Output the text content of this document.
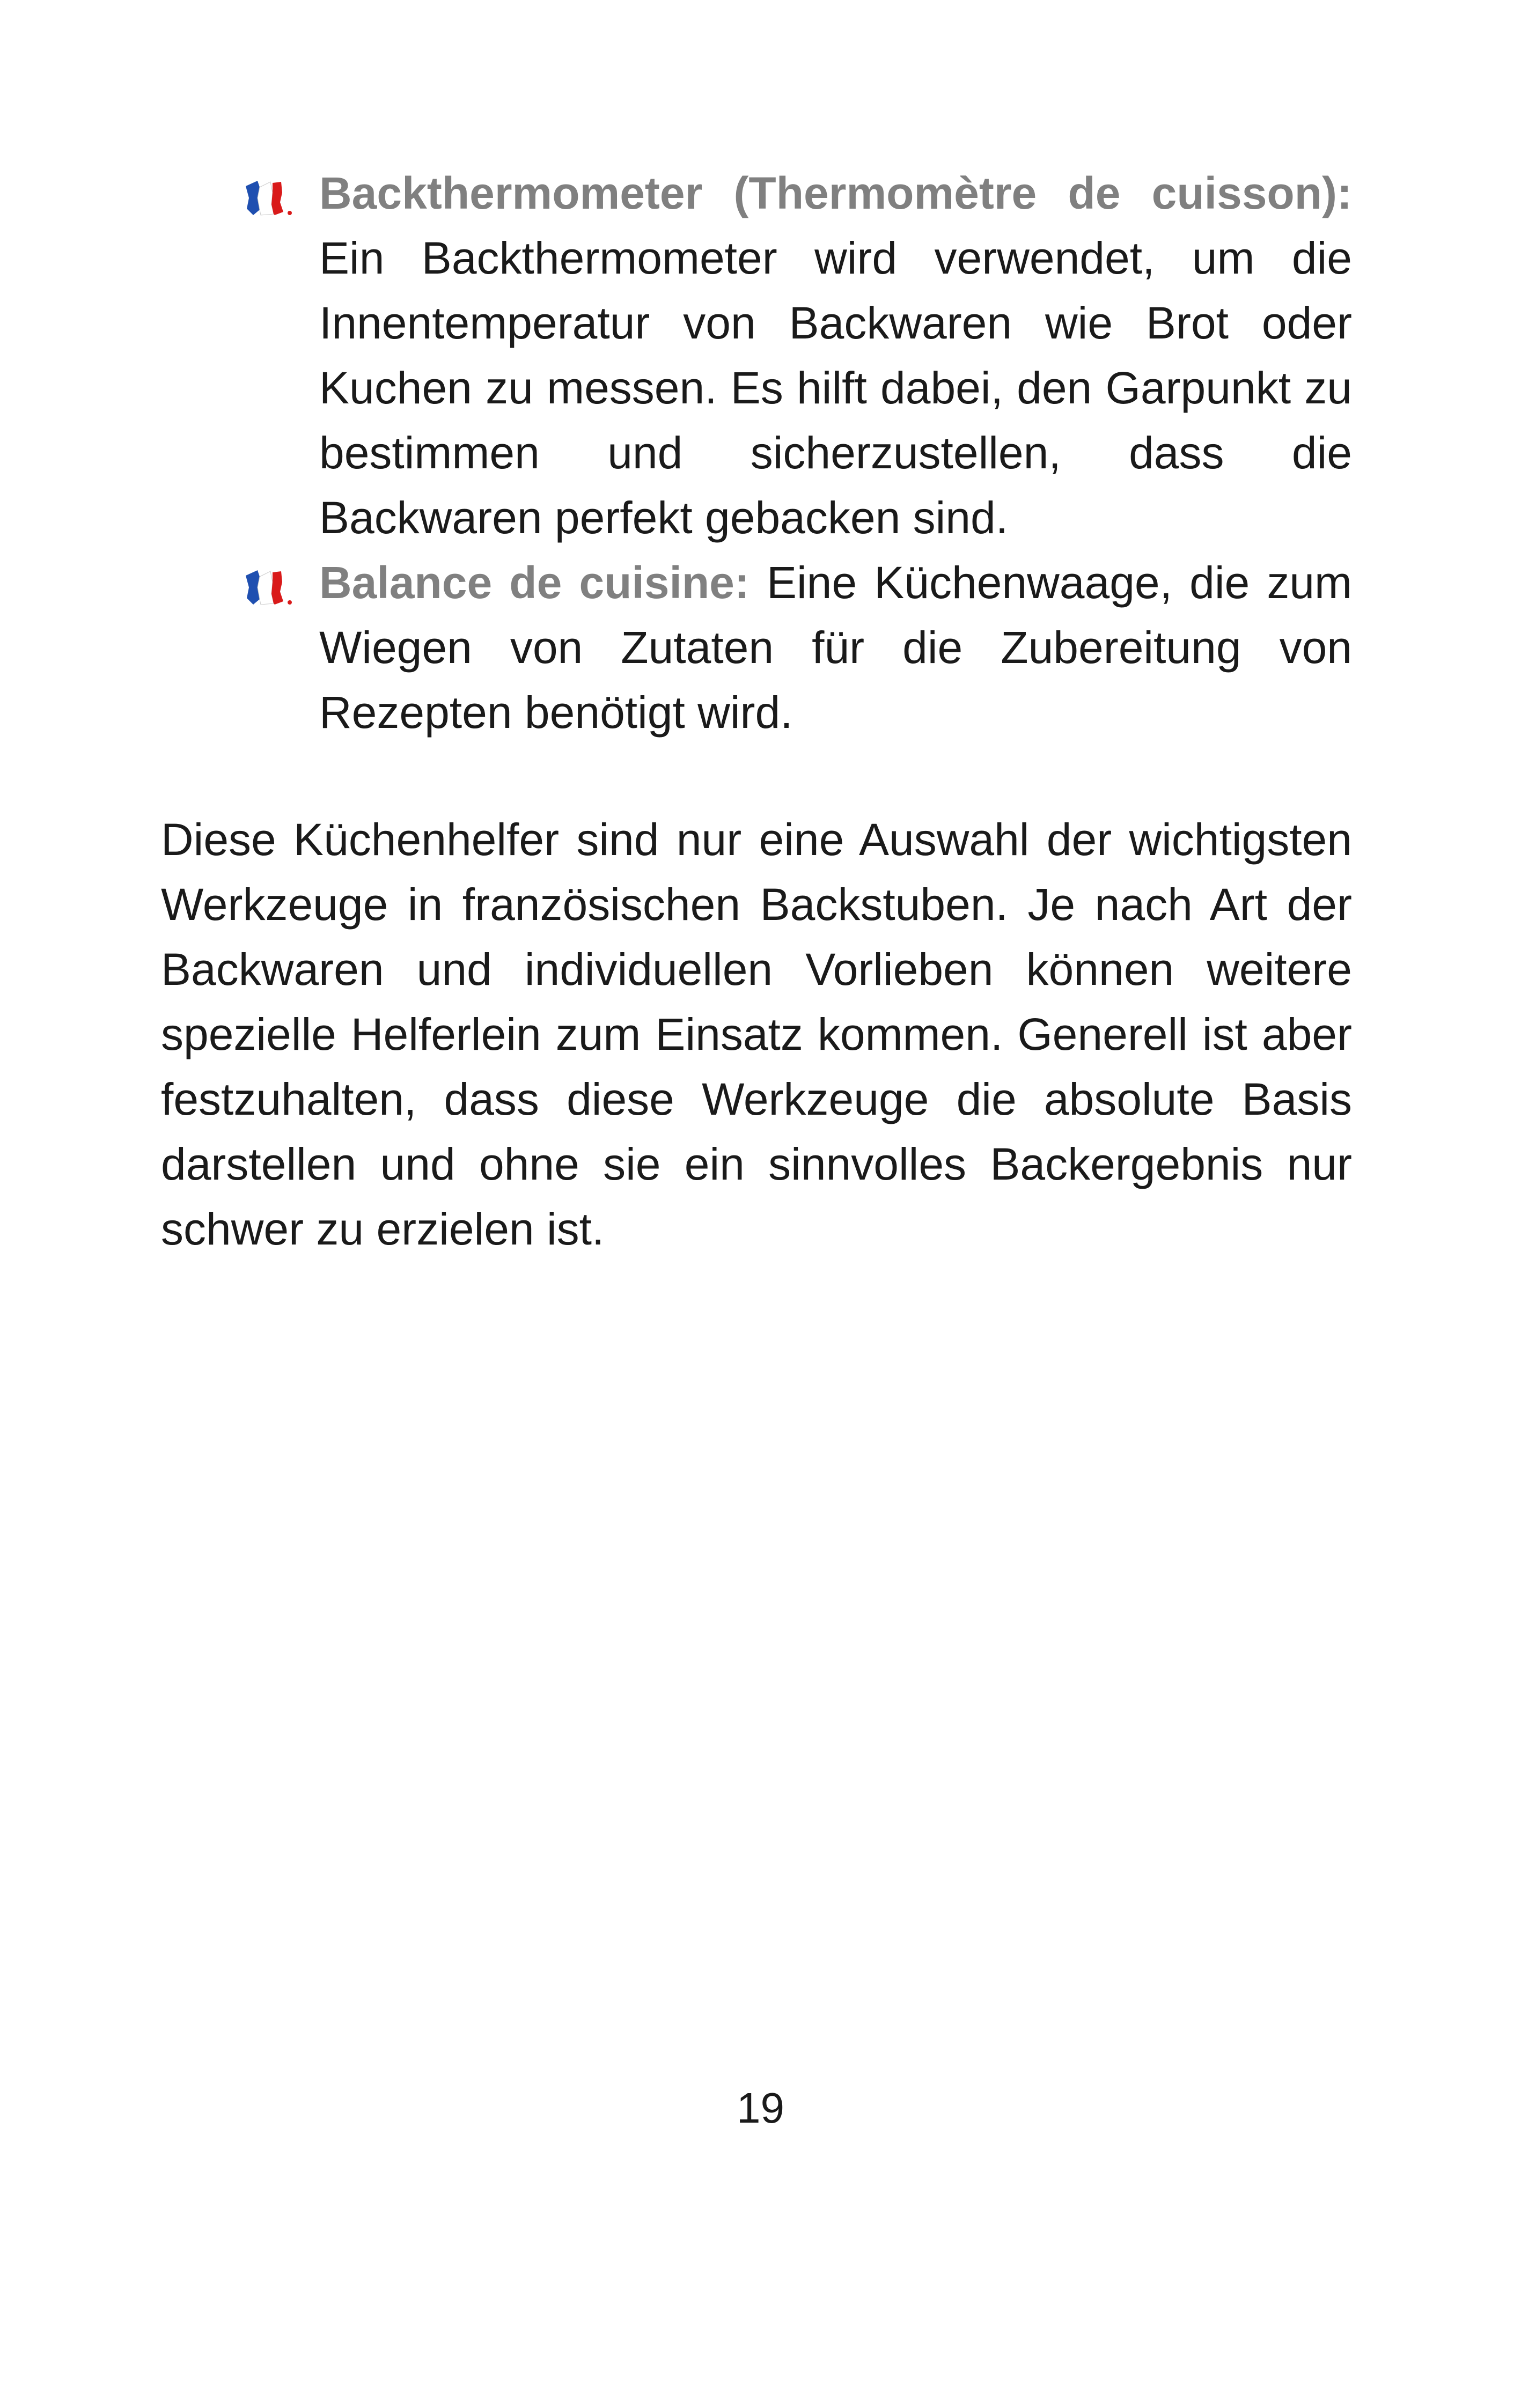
Backthermometer (Thermomètre de cuisson): Ein Backthermometer wird verwendet, um die Innentemperatur von Backwaren wie Brot oder Kuchen zu messen. Es hilft dabei, den Garpunkt zu bestimmen und sicherzustellen, dass die Backwaren perfekt gebacken sind.
Balance de cuisine: Eine Küchenwaage, die zum Wiegen von Zutaten für die Zubereitung von Rezepten benötigt wird.

Diese Küchenhelfer sind nur eine Auswahl der wichtigsten Werkzeuge in französischen Backstuben. Je nach Art der Backwaren und individuellen Vorlieben können weitere spezielle Helferlein zum Einsatz kommen. Generell ist aber festzuhalten, dass diese Werkzeuge die absolute Basis darstellen und ohne sie ein sinnvolles Backergebnis nur schwer zu erzielen ist.

19
